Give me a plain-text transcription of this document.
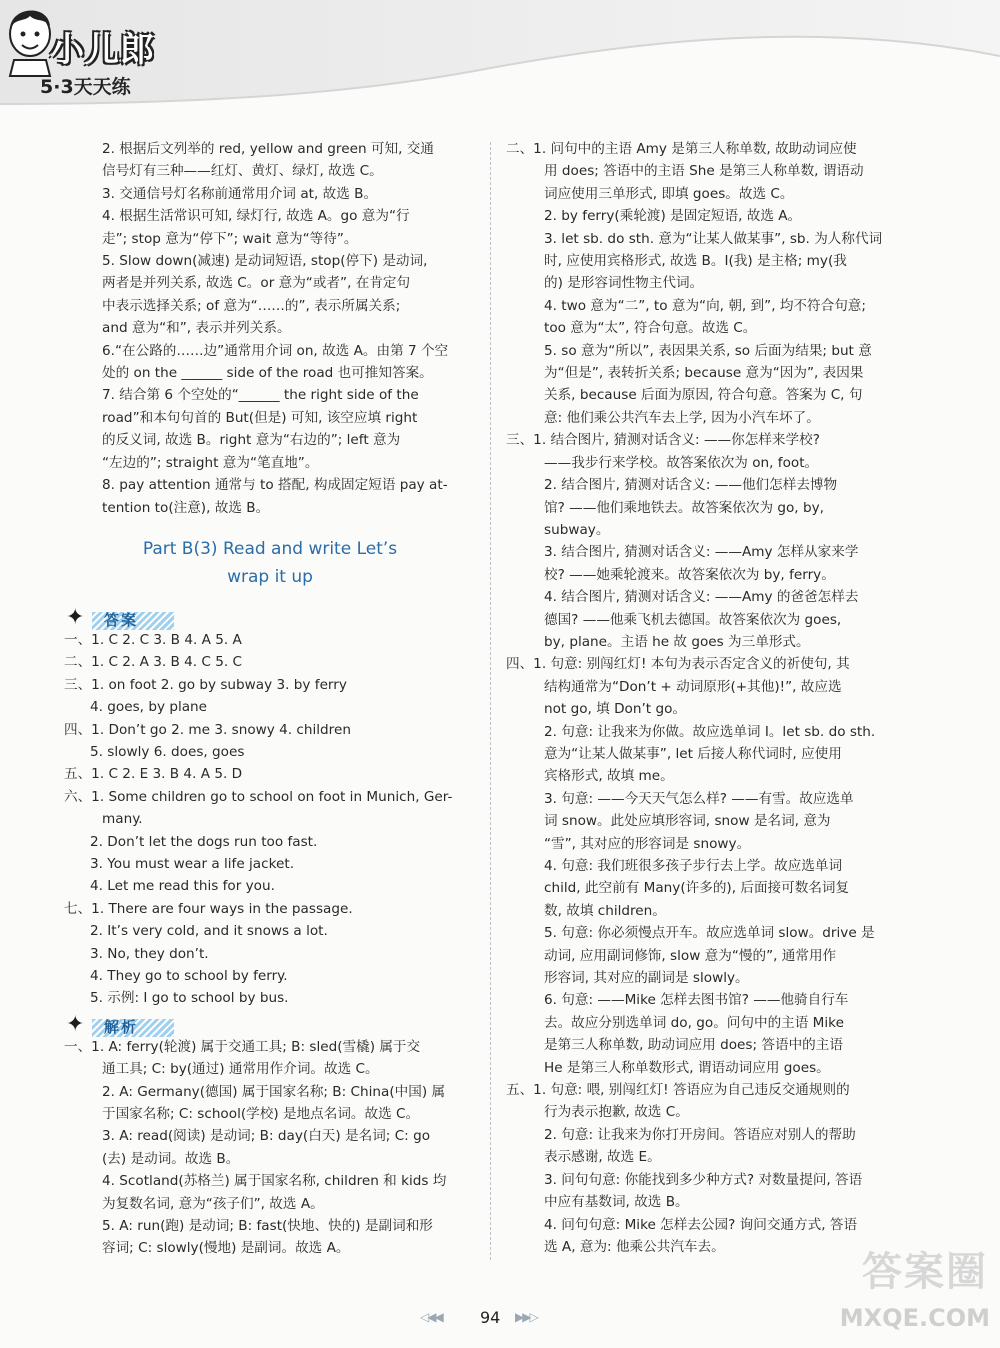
小儿郎
5·3天天练
2. 根据后文列举的 red, yellow and green 可知, 交通
信号灯有三种——红灯、黄灯、绿灯, 故选 C。
3. 交通信号灯名称前通常用介词 at, 故选 B。
4. 根据生活常识可知, 绿灯行, 故选 A。go 意为“行
走”; stop 意为“停下”; wait 意为“等待”。
5. Slow down(减速) 是动词短语, stop(停下) 是动词,
两者是并列关系, 故选 C。or 意为“或者”, 在肯定句
中表示选择关系; of 意为“……的”, 表示所属关系;
and 意为“和”, 表示并列关系。
6.“在公路的……边”通常用介词 on, 故选 A。由第 7 个空
处的 on the ______ side of the road 也可推知答案。
7. 结合第 6 个空处的“______ the right side of the
road”和本句句首的 But(但是) 可知, 该空应填 right
的反义词, 故选 B。right 意为“右边的”; left 意为
“左边的”; straight 意为“笔直地”。
8. pay attention 通常与 to 搭配, 构成固定短语 pay at-
tention to(注意), 故选 B。
Part B(3) Read and write Let’s
wrap it up
✦ 答案
一、1. C 2. C 3. B 4. A 5. A
二、1. C 2. A 3. B 4. C 5. C
三、1. on foot 2. go by subway 3. by ferry
4. goes, by plane
四、1. Don’t go 2. me 3. snowy 4. children
5. slowly 6. does, goes
五、1. C 2. E 3. B 4. A 5. D
六、1. Some children go to school on foot in Munich, Ger-
many.
2. Don’t let the dogs run too fast.
3. You must wear a life jacket.
4. Let me read this for you.
七、1. There are four ways in the passage.
2. It’s very cold, and it snows a lot.
3. No, they don’t.
4. They go to school by ferry.
5. 示例: I go to school by bus.
✦ 解析
一、1. A: ferry(轮渡) 属于交通工具; B: sled(雪橇) 属于交
通工具; C: by(通过) 通常用作介词。故选 C。
2. A: Germany(德国) 属于国家名称; B: China(中国) 属
于国家名称; C: school(学校) 是地点名词。故选 C。
3. A: read(阅读) 是动词; B: day(白天) 是名词; C: go
(去) 是动词。故选 B。
4. Scotland(苏格兰) 属于国家名称, children 和 kids 均
为复数名词, 意为“孩子们”, 故选 A。
5. A: run(跑) 是动词; B: fast(快地、快的) 是副词和形
容词; C: slowly(慢地) 是副词。故选 A。
二、1. 问句中的主语 Amy 是第三人称单数, 故助动词应使
用 does; 答语中的主语 She 是第三人称单数, 谓语动
词应使用三单形式, 即填 goes。故选 C。
2. by ferry(乘轮渡) 是固定短语, 故选 A。
3. let sb. do sth. 意为“让某人做某事”, sb. 为人称代词
时, 应使用宾格形式, 故选 B。I(我) 是主格; my(我
的) 是形容词性物主代词。
4. two 意为“二”, to 意为“向, 朝, 到”, 均不符合句意;
too 意为“太”, 符合句意。故选 C。
5. so 意为“所以”, 表因果关系, so 后面为结果; but 意
为“但是”, 表转折关系; because 意为“因为”, 表因果
关系, because 后面为原因, 符合句意。答案为 C, 句
意: 他们乘公共汽车去上学, 因为小汽车坏了。
三、1. 结合图片, 猜测对话含义: ——你怎样来学校?
——我步行来学校。故答案依次为 on, foot。
2. 结合图片, 猜测对话含义: ——他们怎样去博物
馆? ——他们乘地铁去。故答案依次为 go, by,
subway。
3. 结合图片, 猜测对话含义: ——Amy 怎样从家来学
校? ——她乘轮渡来。故答案依次为 by, ferry。
4. 结合图片, 猜测对话含义: ——Amy 的爸爸怎样去
德国? ——他乘飞机去德国。故答案依次为 goes,
by, plane。主语 he 故 goes 为三单形式。
四、1. 句意: 别闯红灯! 本句为表示否定含义的祈使句, 其
结构通常为“Don’t + 动词原形(+其他)!”, 故应选
not go, 填 Don’t go。
2. 句意: 让我来为你做。故应选单词 I。let sb. do sth.
意为“让某人做某事”, let 后接人称代词时, 应使用
宾格形式, 故填 me。
3. 句意: ——今天天气怎么样? ——有雪。故应选单
词 snow。此处应填形容词, snow 是名词, 意为
“雪”, 其对应的形容词是 snowy。
4. 句意: 我们班很多孩子步行去上学。故应选单词
child, 此空前有 Many(许多的), 后面接可数名词复
数, 故填 children。
5. 句意: 你必须慢点开车。故应选单词 slow。drive 是
动词, 应用副词修饰, slow 意为“慢的”, 通常用作
形容词, 其对应的副词是 slowly。
6. 句意: ——Mike 怎样去图书馆? ——他骑自行车
去。故应分别选单词 do, go。问句中的主语 Mike
是第三人称单数, 助动词应用 does; 答语中的主语
He 是第三人称单数形式, 谓语动词应用 goes。
五、1. 句意: 喂, 别闯红灯! 答语应为自己违反交通规则的
行为表示抱歉, 故选 C。
2. 句意: 让我来为你打开房间。答语应对别人的帮助
表示感谢, 故选 E。
3. 问句句意: 你能找到多少种方式? 对数量提问, 答语
中应有基数词, 故选 B。
4. 问句句意: Mike 怎样去公园? 询问交通方式, 答语
选 A, 意为: 他乘公共汽车去。
◁◀◀ 94 ▶▶▷
答案圈
MXQE.COM
